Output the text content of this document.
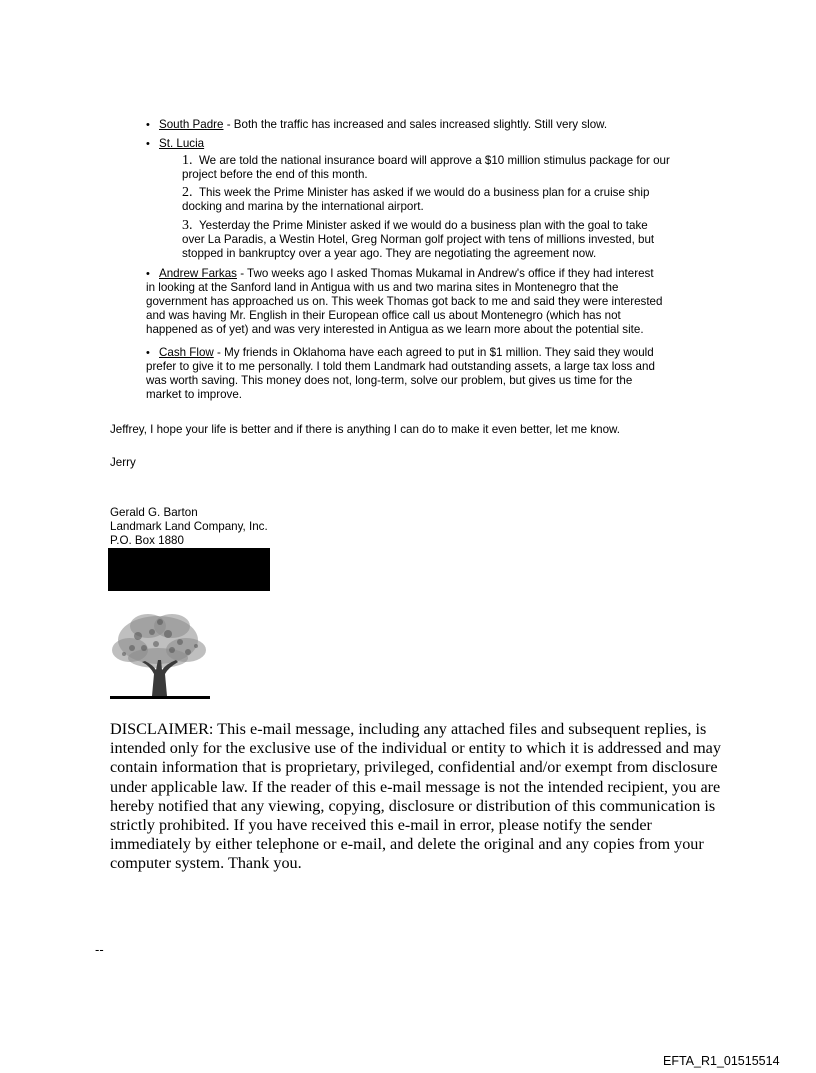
• South Padre - Both the traffic has increased and sales increased slightly. Still very slow.
• St. Lucia
1. We are told the national insurance board will approve a $10 million stimulus package for our
project before the end of this month.
2. This week the Prime Minister has asked if we would do a business plan for a cruise ship
docking and marina by the international airport.
3. Yesterday the Prime Minister asked if we would do a business plan with the goal to take
over La Paradis, a Westin Hotel, Greg Norman golf project with tens of millions invested, but
stopped in bankruptcy over a year ago. They are negotiating the agreement now.
• Andrew Farkas - Two weeks ago I asked Thomas Mukamal in Andrew's office if they had interest
in looking at the Sanford land in Antigua with us and two marina sites in Montenegro that the
government has approached us on. This week Thomas got back to me and said they were interested
and was having Mr. English in their European office call us about Montenegro (which has not
happened as of yet) and was very interested in Antigua as we learn more about the potential site.
• Cash Flow - My friends in Oklahoma have each agreed to put in $1 million. They said they would
prefer to give it to me personally. I told them Landmark had outstanding assets, a large tax loss and
was worth saving. This money does not, long-term, solve our problem, but gives us time for the
market to improve.
Jeffrey, I hope your life is better and if there is anything I can do to make it even better, let me know.
Jerry
Gerald G. Barton
Landmark Land Company, Inc.
P.O. Box 1880
DISCLAIMER: This e-mail message, including any attached files and subsequent replies, is
intended only for the exclusive use of the individual or entity to which it is addressed and may
contain information that is proprietary, privileged, confidential and/or exempt from disclosure
under applicable law. If the reader of this e-mail message is not the intended recipient, you are
hereby notified that any viewing, copying, disclosure or distribution of this communication is
strictly prohibited. If you have received this e-mail in error, please notify the sender
immediately by either telephone or e-mail, and delete the original and any copies from your
computer system. Thank you.
--
EFTA_R1_01515514
